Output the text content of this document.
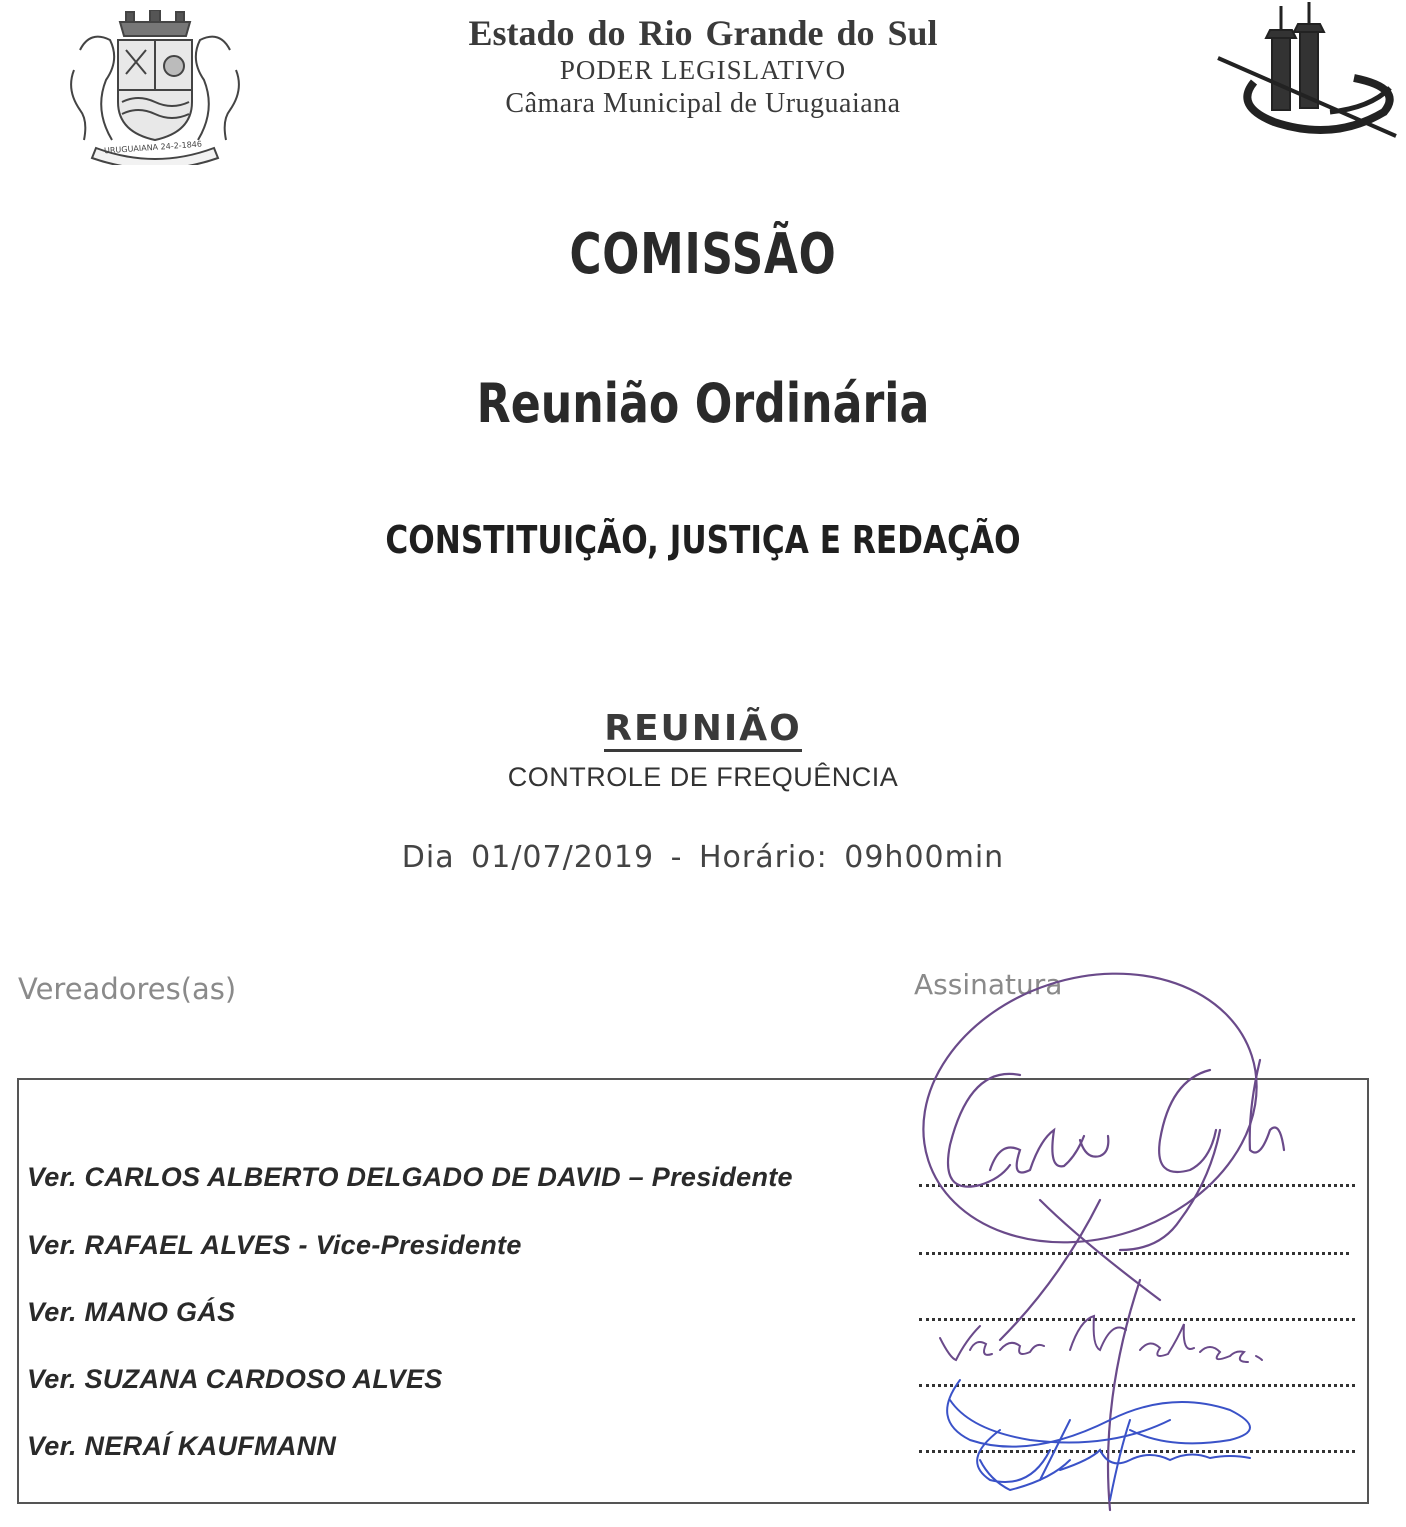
URUGUAIANA 24-2-1846
Estado do Rio Grande do Sul
PODER LEGISLATIVO
Câmara Municipal de Uruguaiana
COMISSÃO
Reunião Ordinária
CONSTITUIÇÃO, JUSTIÇA E REDAÇÃO
REUNIÃO
CONTROLE DE FREQUÊNCIA
Dia 01/07/2019 - Horário: 09h00min
Vereadores(as)	Assinatura
Ver. CARLOS ALBERTO DELGADO DE DAVID – Presidente
Ver. RAFAEL ALVES - Vice-Presidente
Ver. MANO GÁS
Ver. SUZANA CARDOSO ALVES
Ver. NERAÍ KAUFMANN
